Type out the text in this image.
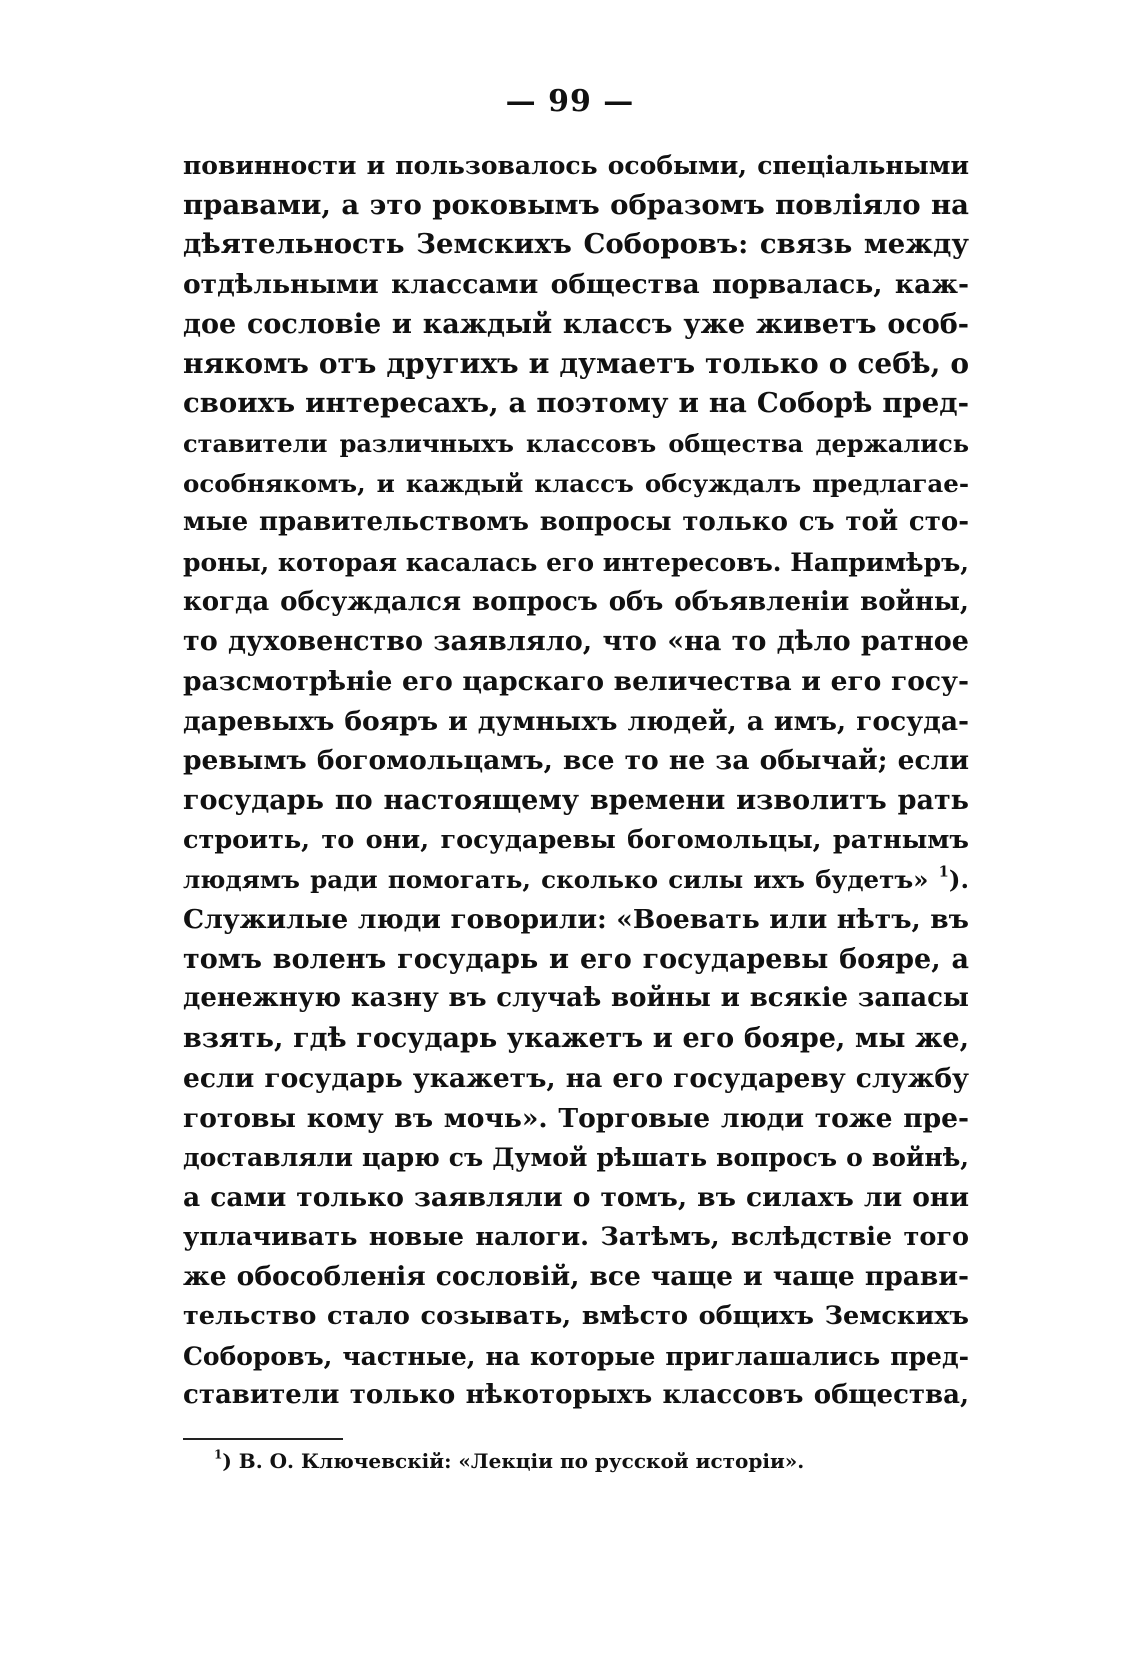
— 99 —
повинности и пользовалось особыми, спеціальными
правами, а это роковымъ образомъ повліяло на
дѣятельность Земскихъ Соборовъ: связь между
отдѣльными классами общества порвалась, каж-
дое сословіе и каждый классъ уже живетъ особ-
някомъ отъ другихъ и думаетъ только о себѣ, о
своихъ интересахъ, а поэтому и на Соборѣ пред-
ставители различныхъ классовъ общества держались
особнякомъ, и каждый классъ обсуждалъ предлагае-
мые правительствомъ вопросы только съ той сто-
роны, которая касалась его интересовъ. Напримѣръ,
когда обсуждался вопросъ объ объявленіи войны,
то духовенство заявляло, что «на то дѣло ратное
разсмотрѣніе его царскаго величества и его госу-
даревыхъ бояръ и думныхъ людей, а имъ, госуда-
ревымъ богомольцамъ, все то не за обычай; если
государь по настоящему времени изволитъ рать
строить, то они, государевы богомольцы, ратнымъ
людямъ ради помогать, сколько силы ихъ будетъ» $^1$).
Служилые люди говорили: «Воевать или нѣтъ, въ
томъ воленъ государь и его государевы бояре, а
денежную казну въ случаѣ войны и всякіе запасы
взять, гдѣ государь укажетъ и его бояре, мы же,
если государь укажетъ, на его государеву службу
готовы кому въ мочь». Торговые люди тоже пре-
доставляли царю съ Думой рѣшать вопросъ о войнѣ,
а сами только заявляли о томъ, въ силахъ ли они
уплачивать новые налоги. Затѣмъ, вслѣдствіе того
же обособленія сословій, все чаще и чаще прави-
тельство стало созывать, вмѣсто общихъ Земскихъ
Соборовъ, частные, на которые приглашались пред-
ставители только нѣкоторыхъ классовъ общества,
$^1$) В. О. Ключевскій: «Лекціи по русской исторіи».
